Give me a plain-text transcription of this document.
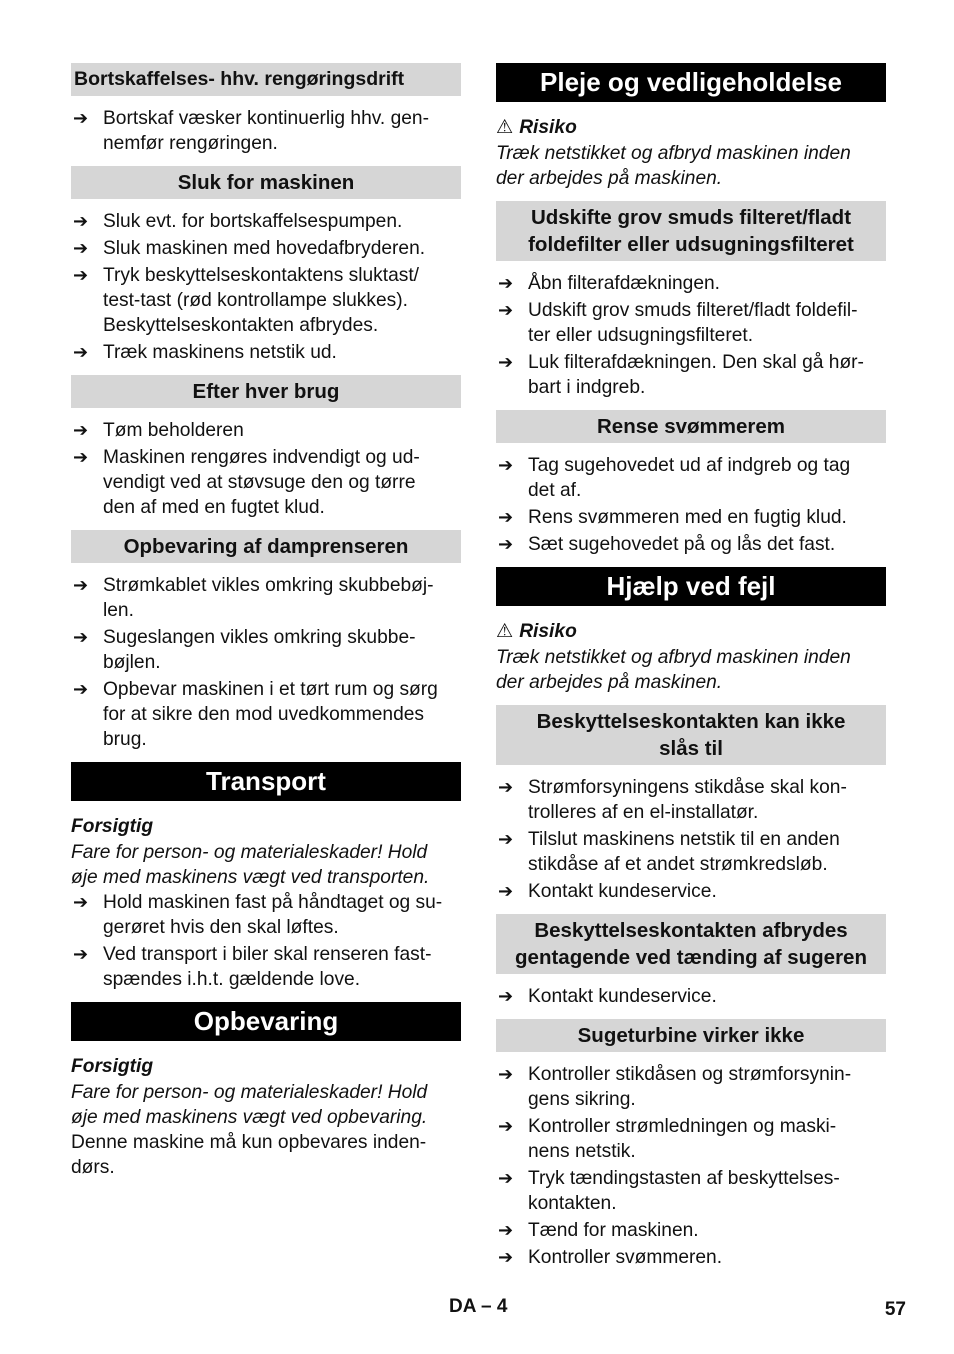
Bortskaffelses- hhv. rengøringsdrift
➔ Bortskaf væsker kontinuerlig hhv. gen-
nemfør rengøringen.
Sluk for maskinen
➔ Sluk evt. for bortskaffelsespumpen.
➔ Sluk maskinen med hovedafbryderen.
➔ Tryk beskyttelseskontaktens sluktast/
test-tast (rød kontrollampe slukkes).
Beskyttelseskontakten afbrydes.
➔ Træk maskinens netstik ud.
Efter hver brug
➔ Tøm beholderen
➔ Maskinen rengøres indvendigt og ud-
vendigt ved at støvsuge den og tørre
den af med en fugtet klud.
Opbevaring af damprenseren
➔ Strømkablet vikles omkring skubbebøj-
len.
➔ Sugeslangen vikles omkring skubbe-
bøjlen.
➔ Opbevar maskinen i et tørt rum og sørg
for at sikre den mod uvedkommendes
brug.
Transport
Forsigtig
Fare for person- og materialeskader! Hold
øje med maskinens vægt ved transporten.
➔ Hold maskinen fast på håndtaget og su-
gerøret hvis den skal løftes.
➔ Ved transport i biler skal renseren fast-
spændes i.h.t. gældende love.
Opbevaring
Forsigtig
Fare for person- og materialeskader! Hold
øje med maskinens vægt ved opbevaring.
Denne maskine må kun opbevares inden-
dørs.
Pleje og vedligeholdelse
⚠ Risiko
Træk netstikket og afbryd maskinen inden
der arbejdes på maskinen.
Udskifte grov smuds filteret/fladt
foldefilter eller udsugningsfilteret
➔ Åbn filterafdækningen.
➔ Udskift grov smuds filteret/fladt foldefil-
ter eller udsugningsfilteret.
➔ Luk filterafdækningen. Den skal gå hør-
bart i indgreb.
Rense svømmerem
➔ Tag sugehovedet ud af indgreb og tag
det af.
➔ Rens svømmeren med en fugtig klud.
➔ Sæt sugehovedet på og lås det fast.
Hjælp ved fejl
⚠ Risiko
Træk netstikket og afbryd maskinen inden
der arbejdes på maskinen.
Beskyttelseskontakten kan ikke
slås til
➔ Strømforsyningens stikdåse skal kon-
trolleres af en el-installatør.
➔ Tilslut maskinens netstik til en anden
stikdåse af et andet strømkredsløb.
➔ Kontakt kundeservice.
Beskyttelseskontakten afbrydes
gentagende ved tænding af sugeren
➔ Kontakt kundeservice.
Sugeturbine virker ikke
➔ Kontroller stikdåsen og strømforsynin-
gens sikring.
➔ Kontroller strømledningen og maski-
nens netstik.
➔ Tryk tændingstasten af beskyttelses-
kontakten.
➔ Tænd for maskinen.
➔ Kontroller svømmeren.
DA – 4	57
